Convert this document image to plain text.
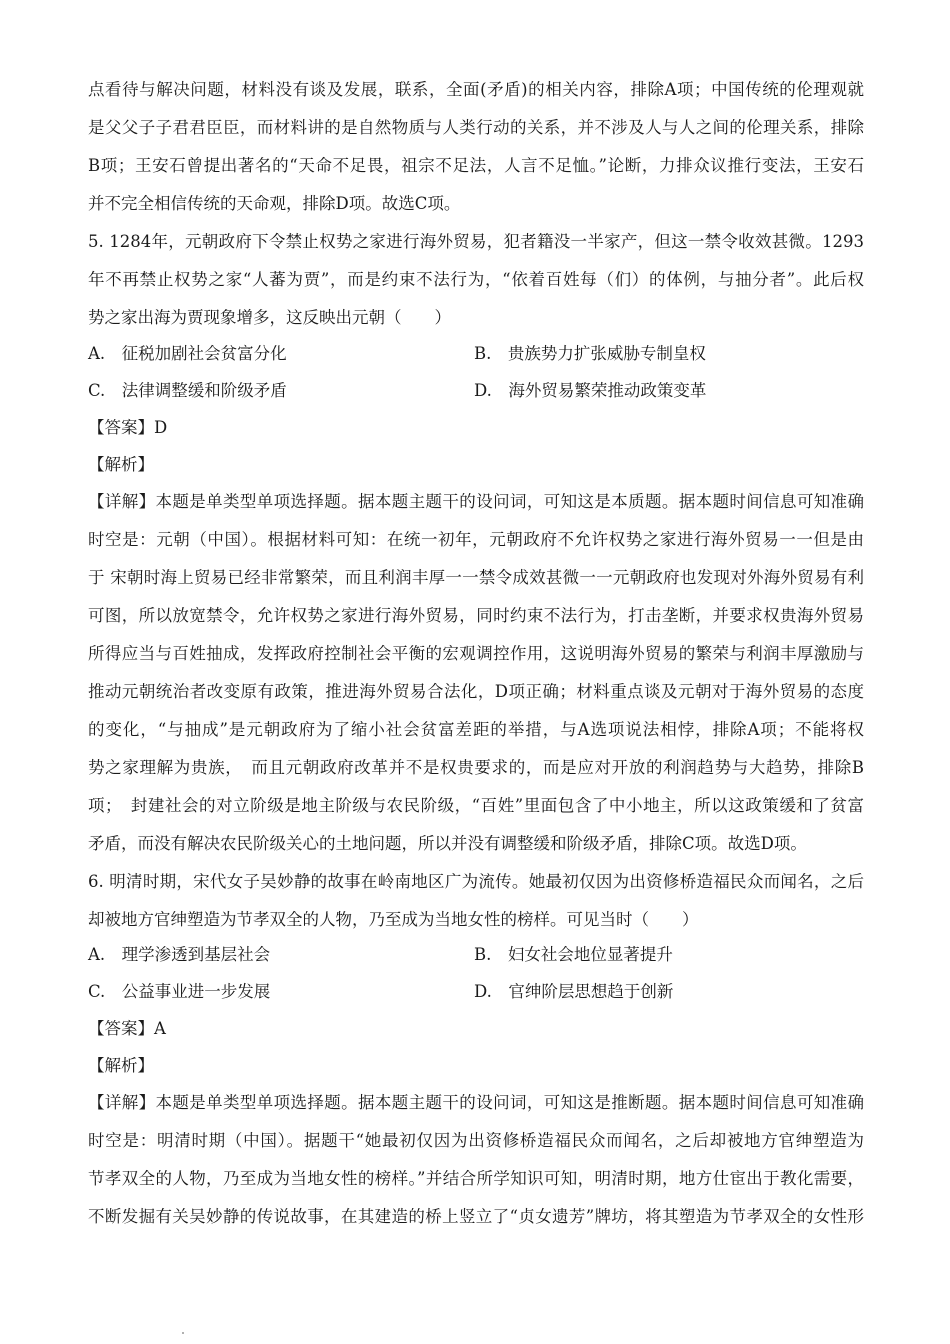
点看待与解决问题，材料没有谈及发展，联系，全面(矛盾)的相关内容，排除A项；中国传统的伦理观就
是父父子子君君臣臣，而材料讲的是自然物质与人类行动的关系，并不涉及人与人之间的伦理关系，排除
B项；王安石曾提出著名的“天命不足畏，祖宗不足法，人言不足恤。”论断，力排众议推行变法，王安石
并不完全相信传统的天命观，排除D项。故选C项。
5. 1284年，元朝政府下令禁止权势之家进行海外贸易，犯者籍没一半家产，但这一禁令收效甚微。1293
年不再禁止权势之家“人蕃为贾”，而是约束不法行为，“依着百姓每（们）的体例，与抽分者”。此后权
势之家出海为贾现象增多，这反映出元朝（　　）
A.　征税加剧社会贫富分化	B.　贵族势力扩张威胁专制皇权
C.　法律调整缓和阶级矛盾	D.　海外贸易繁荣推动政策变革
【答案】D
【解析】
【详解】本题是单类型单项选择题。据本题主题干的设问词，可知这是本质题。据本题时间信息可知准确
时空是：元朝（中国）。根据材料可知：在统一初年，元朝政府不允许权势之家进行海外贸易一一但是由
于 宋朝时海上贸易已经非常繁荣，而且利润丰厚一一禁令成效甚微一一元朝政府也发现对外海外贸易有利
可图，所以放宽禁令，允许权势之家进行海外贸易，同时约束不法行为，打击垄断，并要求权贵海外贸易
所得应当与百姓抽成，发挥政府控制社会平衡的宏观调控作用，这说明海外贸易的繁荣与利润丰厚激励与
推动元朝统治者改变原有政策，推进海外贸易合法化，D项正确；材料重点谈及元朝对于海外贸易的态度
的变化，“与抽成”是元朝政府为了缩小社会贫富差距的举措，与A选项说法相悖，排除A项；不能将权
势之家理解为贵族，　而且元朝政府改革并不是权贵要求的，而是应对开放的利润趋势与大趋势，排除B
项；　封建社会的对立阶级是地主阶级与农民阶级，“百姓”里面包含了中小地主，所以这政策缓和了贫富
矛盾，而没有解决农民阶级关心的土地问题，所以并没有调整缓和阶级矛盾，排除C项。故选D项。
6. 明清时期，宋代女子吴妙静的故事在岭南地区广为流传。她最初仅因为出资修桥造福民众而闻名，之后
却被地方官绅塑造为节孝双全的人物，乃至成为当地女性的榜样。可见当时（　　）
A.　理学渗透到基层社会	B.　妇女社会地位显著提升
C.　公益事业进一步发展	D.　官绅阶层思想趋于创新
【答案】A
【解析】
【详解】本题是单类型单项选择题。据本题主题干的设问词，可知这是推断题。据本题时间信息可知准确
时空是：明清时期（中国）。据题干“她最初仅因为出资修桥造福民众而闻名，之后却被地方官绅塑造为
节孝双全的人物，乃至成为当地女性的榜样。”并结合所学知识可知，明清时期，地方仕宦出于教化需要，
不断发掘有关吴妙静的传说故事，在其建造的桥上竖立了“贞女遗芳”牌坊，将其塑造为节孝双全的女性形
